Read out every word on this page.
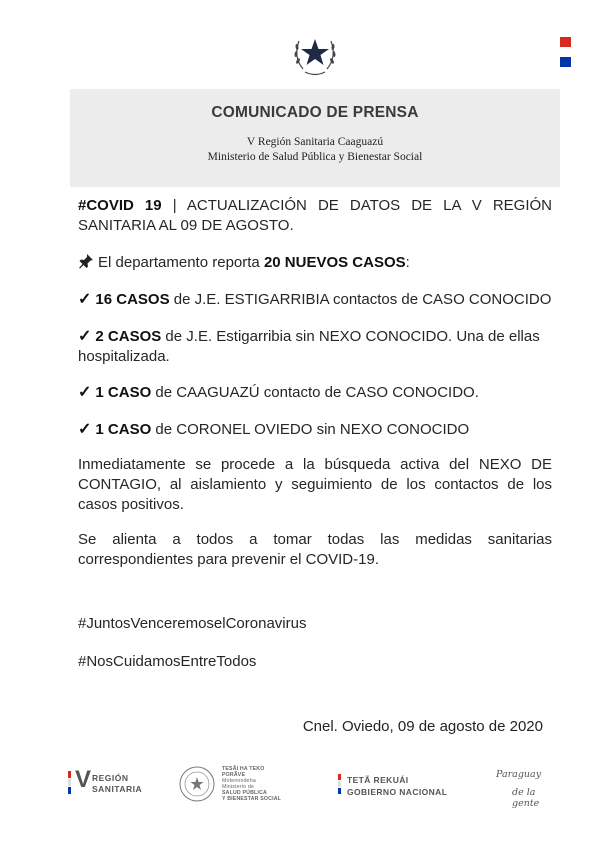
COMUNICADO DE PRENSA
V Región Sanitaria Caaguazú
Ministerio de Salud Pública y Bienestar Social
#COVID 19 | ACTUALIZACIÓN DE DATOS DE LA V REGIÓN SANITARIA AL 09 DE AGOSTO.
El departamento reporta 20 NUEVOS CASOS:
✓ 16 CASOS de J.E. ESTIGARRIBIA contactos de CASO CONOCIDO
✓ 2 CASOS de J.E. Estigarribia sin NEXO CONOCIDO. Una de ellas hospitalizada.
✓ 1 CASO de CAAGUAZÚ contacto de CASO CONOCIDO.
✓ 1 CASO de CORONEL OVIEDO sin NEXO CONOCIDO
Inmediatamente se procede a la búsqueda activa del NEXO DE CONTAGIO, al aislamiento y seguimiento de los contactos de los casos positivos.
Se alienta a todos a tomar todas las medidas sanitarias correspondientes para prevenir el COVID-19.
#JuntosVenceremoselCoronavirus
#NosCuidamosEntreTodos
Cnel. Oviedo, 09 de agosto de 2020
V REGIÓN
SANITARIA
TESÃI HA TEKO
PORÃVE
Motenondeha
Ministerio de
SALUD PÚBLICA
Y BIENESTAR SOCIAL
TETÃ REKUÁI
GOBIERNO NACIONAL
Paraguay
de la gente
